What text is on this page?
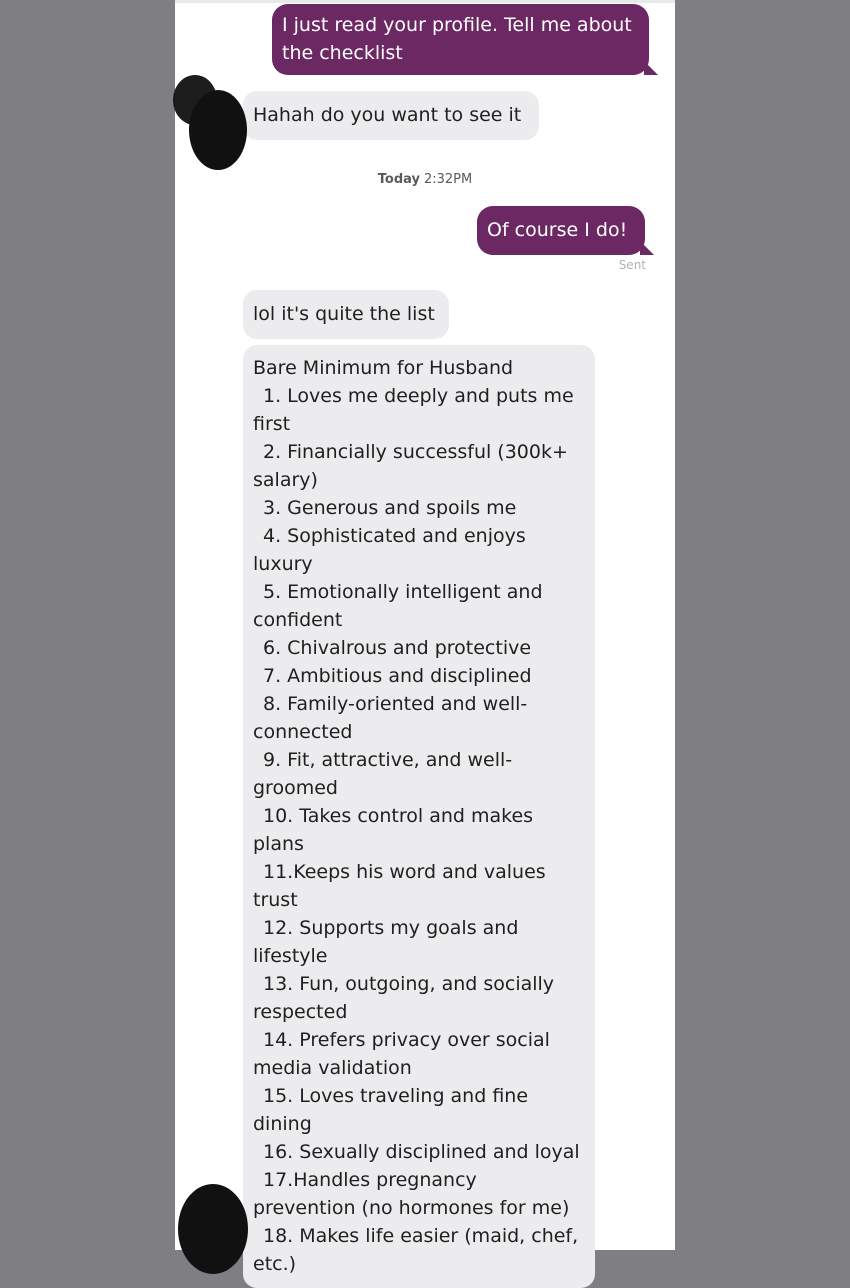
I just read your profile. Tell me about the checklist
Hahah do you want to see it
Today 2:32PM
Of course I do!
Sent
lol it's quite the list
Bare Minimum for Husband
1. Loves me deeply and puts me first
2. Financially successful (300k+ salary)
3. Generous and spoils me
4. Sophisticated and enjoys luxury
5. Emotionally intelligent and confident
6. Chivalrous and protective
7. Ambitious and disciplined
8. Family-oriented and well-connected
9. Fit, attractive, and well-groomed
10. Takes control and makes plans
11.Keeps his word and values trust
12. Supports my goals and lifestyle
13. Fun, outgoing, and socially respected
14. Prefers privacy over social media validation
15. Loves traveling and fine dining
16. Sexually disciplined and loyal
17.Handles pregnancy prevention (no hormones for me)
18. Makes life easier (maid, chef, etc.)
